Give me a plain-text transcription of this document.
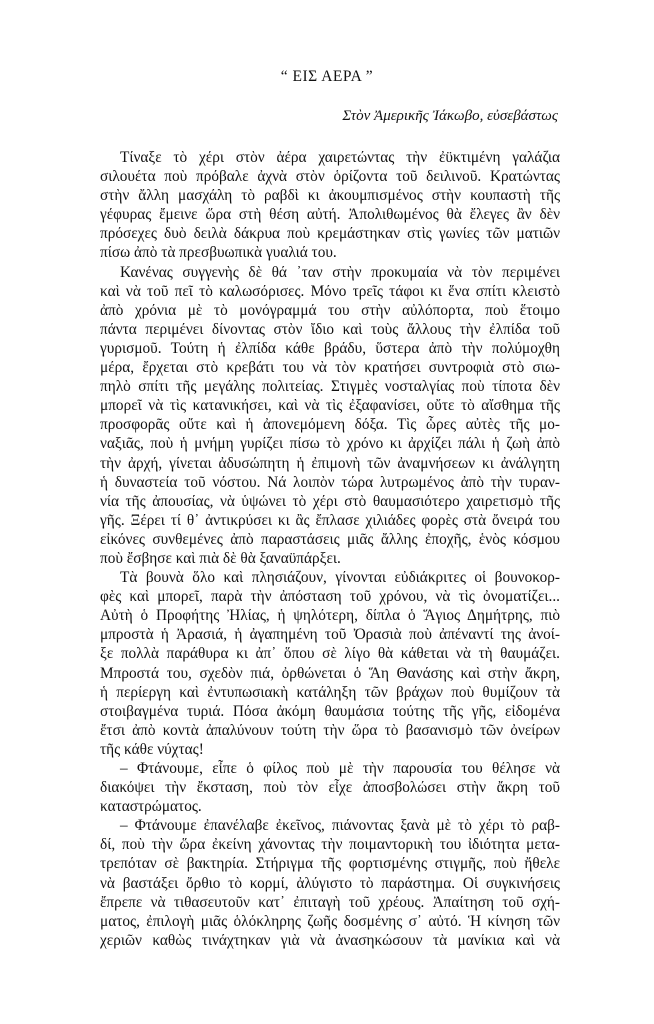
“ ΕΙΣ ΑΕΡΑ ”
Στὸν Ἀμερικῆς Ἰάκωβο, εὐσεβάστως
Τίναξε τὸ χέρι στὸν ἀέρα χαιρετώντας τὴν ἐϋκτιμένη γαλάζια
σιλουέτα ποὺ πρόβαλε ἀχνὰ στὸν ὁρίζοντα τοῦ δειλινοῦ. Κρατώντας
στὴν ἄλλη μασχάλη τὸ ραβδὶ κι ἀκουμπισμένος στὴν κουπαστὴ τῆς
γέφυρας ἔμεινε ὥρα στὴ θέση αὐτή. Ἀπολιθωμένος θὰ ἔλεγες ἂν δὲν
πρόσεχες δυὸ δειλὰ δάκρυα ποὺ κρεμάστηκαν στὶς γωνίες τῶν ματιῶν
πίσω ἀπὸ τὰ πρεσβυωπικὰ γυαλιά του.
Κανένας συγγενὴς δὲ θά ᾽ταν στὴν προκυμαία νὰ τὸν περιμένει
καὶ νὰ τοῦ πεῖ τὸ καλωσόρισες. Μόνο τρεῖς τάφοι κι ἕνα σπίτι κλειστὸ
ἀπὸ χρόνια μὲ τὸ μονόγραμμά του στὴν αὐλόπορτα, ποὺ ἕτοιμο
πάντα περιμένει δίνοντας στὸν ἴδιο καὶ τοὺς ἄλλους τὴν ἐλπίδα τοῦ
γυρισμοῦ. Τούτη ἡ ἐλπίδα κάθε βράδυ, ὕστερα ἀπὸ τὴν πολύμοχθη
μέρα, ἔρχεται στὸ κρεβάτι του νὰ τὸν κρατήσει συντροφιὰ στὸ σιω-
πηλὸ σπίτι τῆς μεγάλης πολιτείας. Στιγμὲς νοσταλγίας ποὺ τίποτα δὲν
μπορεῖ νὰ τὶς κατανικήσει, καὶ νὰ τὶς ἐξαφανίσει, οὔτε τὸ αἴσθημα τῆς
προσφορᾶς οὔτε καὶ ἡ ἀπονεμόμενη δόξα. Τὶς ὧρες αὐτὲς τῆς μο-
ναξιᾶς, ποὺ ἡ μνήμη γυρίζει πίσω τὸ χρόνο κι ἀρχίζει πάλι ἡ ζωὴ ἀπὸ
τὴν ἀρχή, γίνεται ἀδυσώπητη ἡ ἐπιμονὴ τῶν ἀναμνήσεων κι ἀνάλγητη
ἡ δυναστεία τοῦ νόστου. Νά λοιπὸν τώρα λυτρωμένος ἀπὸ τὴν τυραν-
νία τῆς ἀπουσίας, νὰ ὑψώνει τὸ χέρι στὸ θαυμασιότερο χαιρετισμὸ τῆς
γῆς. Ξέρει τί θ᾽ ἀντικρύσει κι ἂς ἔπλασε χιλιάδες φορὲς στὰ ὄνειρά του
εἰκόνες συνθεμένες ἀπὸ παραστάσεις μιᾶς ἄλλης ἐποχῆς, ἑνὸς κόσμου
ποὺ ἔσβησε καὶ πιὰ δὲ θὰ ξαναϋπάρξει.
Τὰ βουνὰ ὅλο καὶ πλησιάζουν, γίνονται εὐδιάκριτες οἱ βουνοκορ-
φὲς καὶ μπορεῖ, παρὰ τὴν ἀπόσταση τοῦ χρόνου, νὰ τὶς ὀνοματίζει...
Αὐτὴ ὁ Προφήτης Ἠλίας, ἡ ψηλότερη, δίπλα ὁ Ἅγιος Δημήτρης, πιὸ
μπροστὰ ἡ Ἀρασιά, ἡ ἀγαπημένη τοῦ Ὀρασιὰ ποὺ ἀπέναντί της ἀνοί-
ξε πολλὰ παράθυρα κι ἀπ᾽ ὅπου σὲ λίγο θὰ κάθεται νὰ τὴ θαυμάζει.
Μπροστά του, σχεδὸν πιά, ὀρθώνεται ὁ Ἅη Θανάσης καὶ στὴν ἄκρη,
ἡ περίεργη καὶ ἐντυπωσιακὴ κατάληξη τῶν βράχων ποὺ θυμίζουν τὰ
στοιβαγμένα τυριά. Πόσα ἀκόμη θαυμάσια τούτης τῆς γῆς, εἰδομένα
ἔτσι ἀπὸ κοντὰ ἀπαλύνουν τούτη τὴν ὥρα τὸ βασανισμὸ τῶν ὀνείρων
τῆς κάθε νύχτας!
– Φτάνουμε, εἶπε ὁ φίλος ποὺ μὲ τὴν παρουσία του θέλησε νὰ
διακόψει τὴν ἔκσταση, ποὺ τὸν εἶχε ἀποσβολώσει στὴν ἄκρη τοῦ
καταστρώματος.
– Φτάνουμε ἐπανέλαβε ἐκεῖνος, πιάνοντας ξανὰ μὲ τὸ χέρι τὸ ραβ-
δί, ποὺ τὴν ὥρα ἐκείνη χάνοντας τὴν ποιμαντορικὴ του ἰδιότητα μετα-
τρεπόταν σὲ βακτηρία. Στήριγμα τῆς φορτισμένης στιγμῆς, ποὺ ἤθελε
νὰ βαστάξει ὄρθιο τὸ κορμί, ἀλύγιστο τὸ παράστημα. Οἱ συγκινήσεις
ἔπρεπε νὰ τιθασευτοῦν κατ᾽ ἐπιταγὴ τοῦ χρέους. Ἀπαίτηση τοῦ σχή-
ματος, ἐπιλογὴ μιᾶς ὁλόκληρης ζωῆς δοσμένης σ᾽ αὐτό. Ἡ κίνηση τῶν
χεριῶν καθὼς τινάχτηκαν γιὰ νὰ ἀνασηκώσουν τὰ μανίκια καὶ νὰ
